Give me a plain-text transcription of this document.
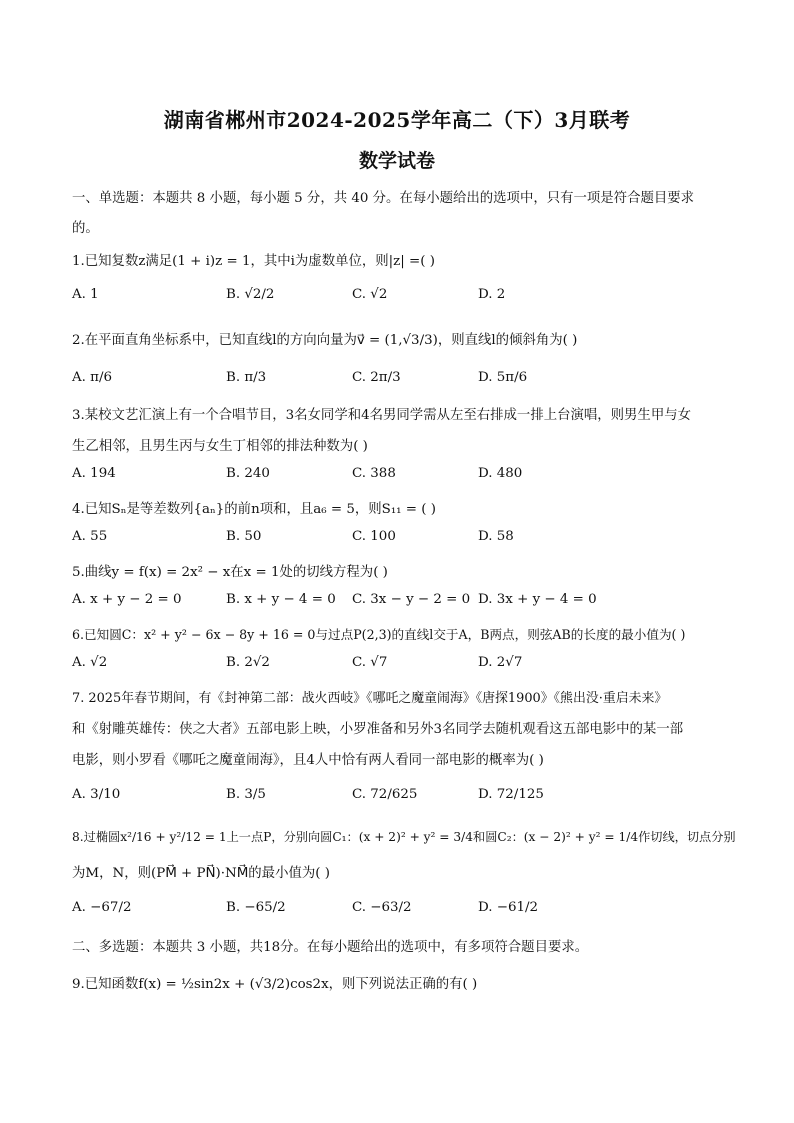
湖南省郴州市2024-2025学年高二（下）3月联考
数学试卷
一、单选题：本题共 8 小题，每小题 5 分，共 40 分。在每小题给出的选项中，只有一项是符合题目要求
的。
1.已知复数z满足(1 + i)z = 1，其中i为虚数单位，则|z| =( )
A. 1	B. √2/2	C. √2	D. 2
2.在平面直角坐标系中，已知直线l的方向向量为v⃗ = (1,√3/3)，则直线l的倾斜角为( )
A. π/6	B. π/3	C. 2π/3	D. 5π/6
3.某校文艺汇演上有一个合唱节目，3名女同学和4名男同学需从左至右排成一排上台演唱，则男生甲与女
生乙相邻，且男生丙与女生丁相邻的排法种数为( )
A. 194	B. 240	C. 388	D. 480
4.已知Sₙ是等差数列{aₙ}的前n项和，且a₆ = 5，则S₁₁ = ( )
A. 55	B. 50	C. 100	D. 58
5.曲线y = f(x) = 2x² − x在x = 1处的切线方程为( )
A. x + y − 2 = 0	B. x + y − 4 = 0 C. 3x − y − 2 = 0 D. 3x + y − 4 = 0
6.已知圆C：x² + y² − 6x − 8y + 16 = 0与过点P(2,3)的直线l交于A，B两点，则弦AB的长度的最小值为( )
A. √2	B. 2√2	C. √7	D. 2√7
7. 2025年春节期间，有《封神第二部：战火西岐》《哪吒之魔童闹海》《唐探1900》《熊出没·重启未来》
和《射雕英雄传：侠之大者》五部电影上映，小罗准备和另外3名同学去随机观看这五部电影中的某一部
电影，则小罗看《哪吒之魔童闹海》，且4人中恰有两人看同一部电影的概率为( )
A. 3/10	B. 3/5	C. 72/625	D. 72/125
8.过椭圆x²/16 + y²/12 = 1上一点P，分别向圆C₁：(x + 2)² + y² = 3/4和圆C₂：(x − 2)² + y² = 1/4作切线，切点分别
为M，N，则(PM⃗ + PN⃗)·NM⃗的最小值为( )
A. −67/2	B. −65/2	C. −63/2	D. −61/2
二、多选题：本题共 3 小题，共18分。在每小题给出的选项中，有多项符合题目要求。
9.已知函数f(x) = ½sin2x + (√3/2)cos2x，则下列说法正确的有( )
